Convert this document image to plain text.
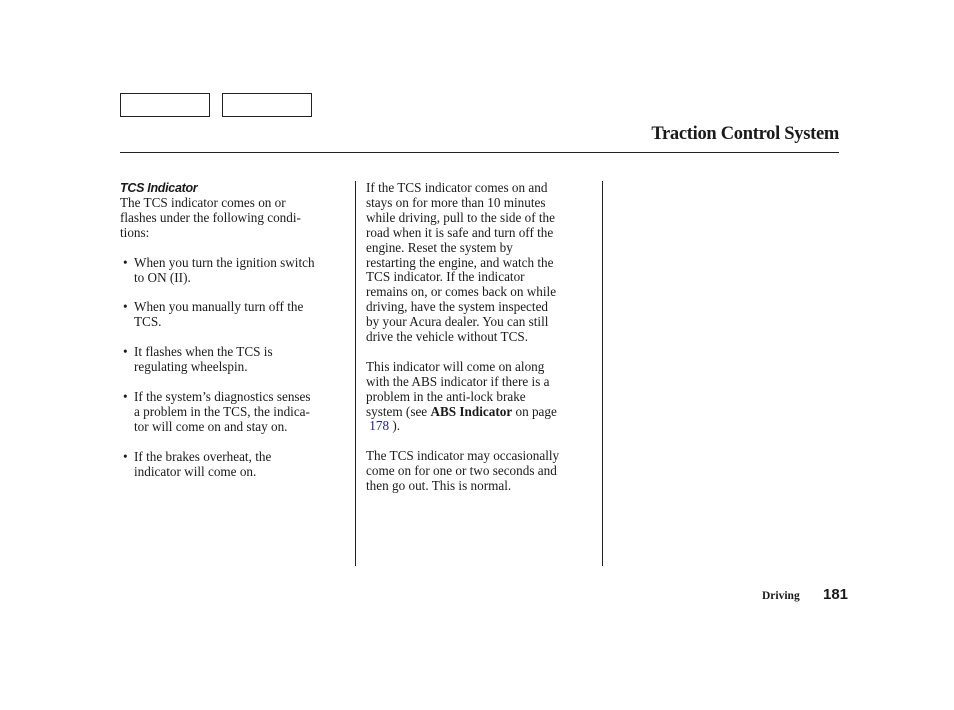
Traction Control System

TCS Indicator

The TCS indicator comes on or
flashes under the following condi-
tions:

• When you turn the ignition switch
to ON (II).

• When you manually turn off the
TCS.

• It flashes when the TCS is
regulating wheelspin.

• If the system’s diagnostics senses
a problem in the TCS, the indica-
tor will come on and stay on.

• If the brakes overheat, the
indicator will come on.

If the TCS indicator comes on and
stays on for more than 10 minutes
while driving, pull to the side of the
road when it is safe and turn off the
engine. Reset the system by
restarting the engine, and watch the
TCS indicator. If the indicator
remains on, or comes back on while
driving, have the system inspected
by your Acura dealer. You can still
drive the vehicle without TCS.

This indicator will come on along
with the ABS indicator if there is a
problem in the anti-lock brake
system (see ABS Indicator on page
178 ).

The TCS indicator may occasionally
come on for one or two seconds and
then go out. This is normal.

Driving 181
